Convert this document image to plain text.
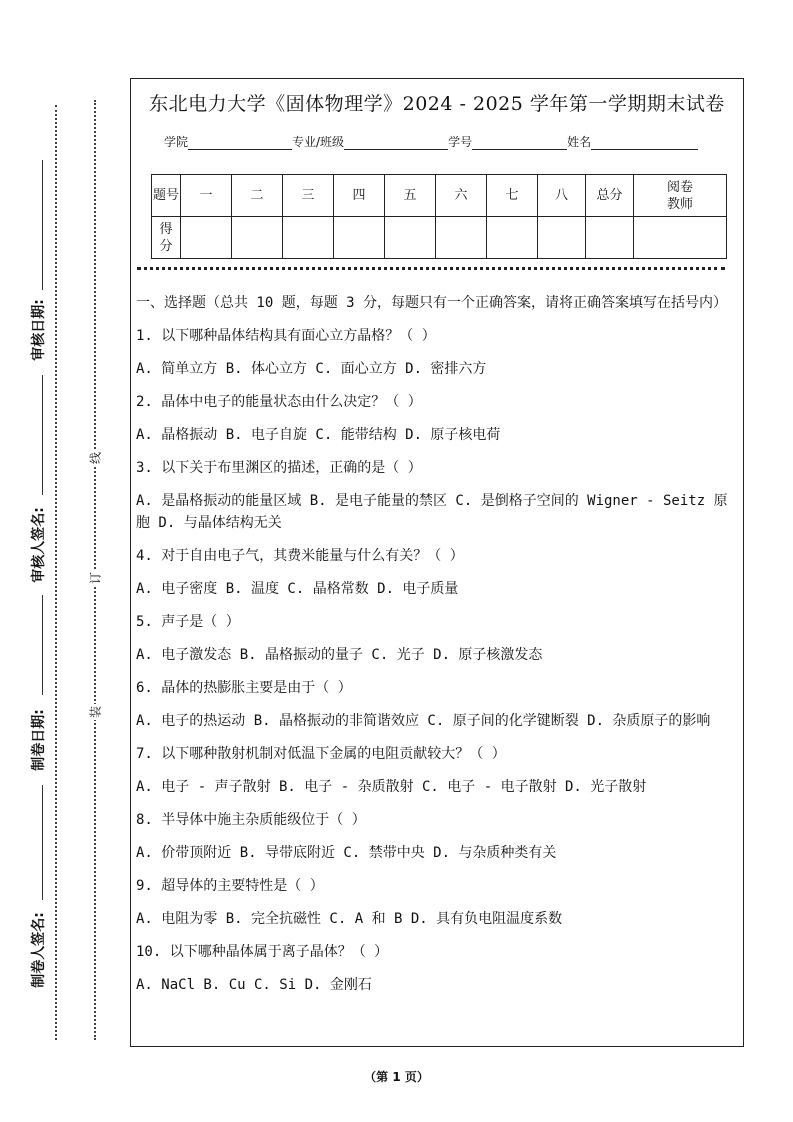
审核日期:
审核人签名:
制卷日期:
制卷人签名:
线
订
装
东北电力大学《固体物理学》2024 - 2025 学年第一学期期末试卷
学院	专业/班级	学号	姓名
题号	一	二	三	四	五	六	七	八	总分	阅卷教师
得分										

一、选择题（总共 10 题，每题 3 分，每题只有一个正确答案，请将正确答案填写在括号内）

1. 以下哪种晶体结构具有面心立方晶格？（ ）

A. 简单立方 B. 体心立方 C. 面心立方 D. 密排六方

2. 晶体中电子的能量状态由什么决定？（ ）

A. 晶格振动 B. 电子自旋 C. 能带结构 D. 原子核电荷

3. 以下关于布里渊区的描述，正确的是（ ）

A. 是晶格振动的能量区域 B. 是电子能量的禁区 C. 是倒格子空间的 Wigner - Seitz 原胞 D. 与晶体结构无关

4. 对于自由电子气，其费米能量与什么有关？（ ）

A. 电子密度 B. 温度 C. 晶格常数 D. 电子质量

5. 声子是（ ）

A. 电子激发态 B. 晶格振动的量子 C. 光子 D. 原子核激发态

6. 晶体的热膨胀主要是由于（ ）

A. 电子的热运动 B. 晶格振动的非简谐效应 C. 原子间的化学键断裂 D. 杂质原子的影响

7. 以下哪种散射机制对低温下金属的电阻贡献较大？（ ）

A. 电子 - 声子散射 B. 电子 - 杂质散射 C. 电子 - 电子散射 D. 光子散射

8. 半导体中施主杂质能级位于（ ）

A. 价带顶附近 B. 导带底附近 C. 禁带中央 D. 与杂质种类有关

9. 超导体的主要特性是（ ）

A. 电阻为零 B. 完全抗磁性 C. A 和 B D. 具有负电阻温度系数

10. 以下哪种晶体属于离子晶体？（ ）

A. NaCl B. Cu C. Si D. 金刚石

（第 1 页）
